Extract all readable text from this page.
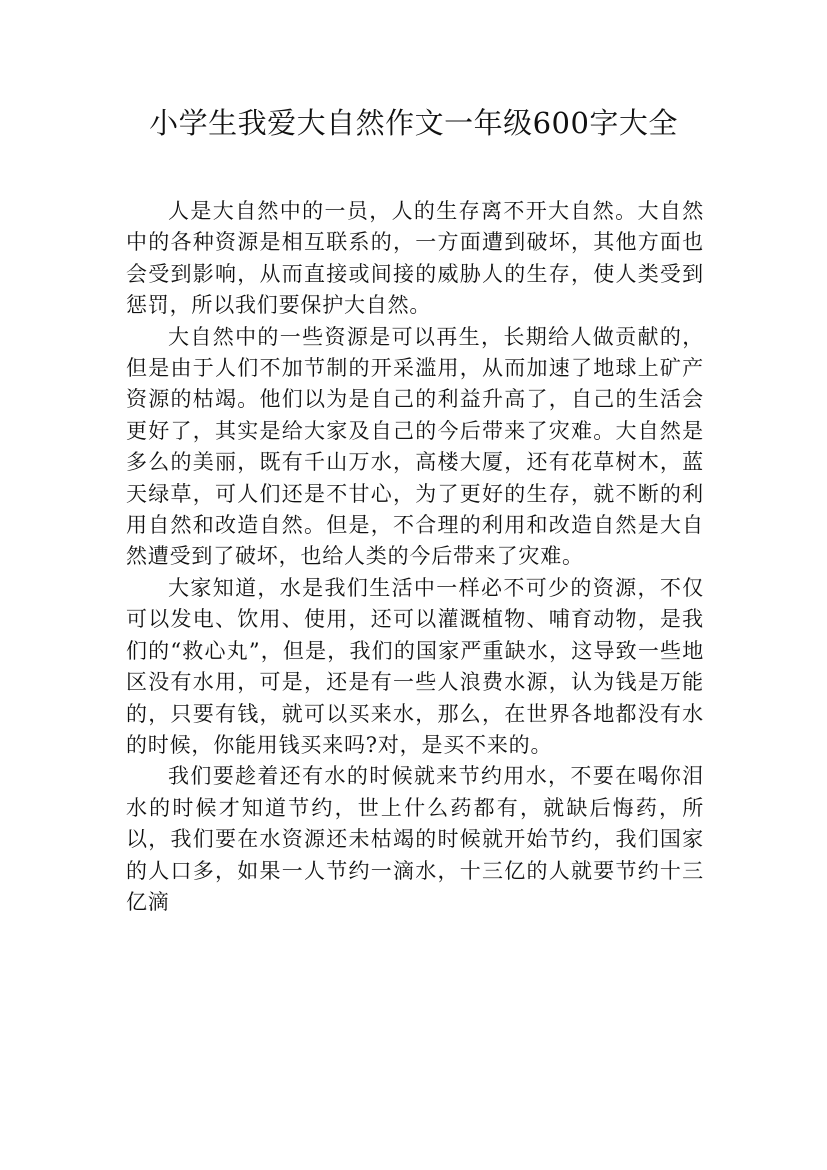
小学生我爱大自然作文一年级600字大全

人是大自然中的一员，人的生存离不开大自然。大自然中的各种资源是相互联系的，一方面遭到破坏，其他方面也会受到影响，从而直接或间接的威胁人的生存，使人类受到惩罚，所以我们要保护大自然。

大自然中的一些资源是可以再生，长期给人做贡献的，但是由于人们不加节制的开采滥用，从而加速了地球上矿产资源的枯竭。他们以为是自己的利益升高了，自己的生活会更好了，其实是给大家及自己的今后带来了灾难。大自然是多么的美丽，既有千山万水，高楼大厦，还有花草树木，蓝天绿草，可人们还是不甘心，为了更好的生存，就不断的利用自然和改造自然。但是，不合理的利用和改造自然是大自然遭受到了破坏，也给人类的今后带来了灾难。

大家知道，水是我们生活中一样必不可少的资源，不仅可以发电、饮用、使用，还可以灌溉植物、哺育动物，是我们的“救心丸”，但是，我们的国家严重缺水，这导致一些地区没有水用，可是，还是有一些人浪费水源，认为钱是万能的，只要有钱，就可以买来水，那么，在世界各地都没有水的时候，你能用钱买来吗?对，是买不来的。

我们要趁着还有水的时候就来节约用水，不要在喝你泪水的时候才知道节约，世上什么药都有，就缺后悔药，所以，我们要在水资源还未枯竭的时候就开始节约，我们国家的人口多，如果一人节约一滴水，十三亿的人就要节约十三亿滴
